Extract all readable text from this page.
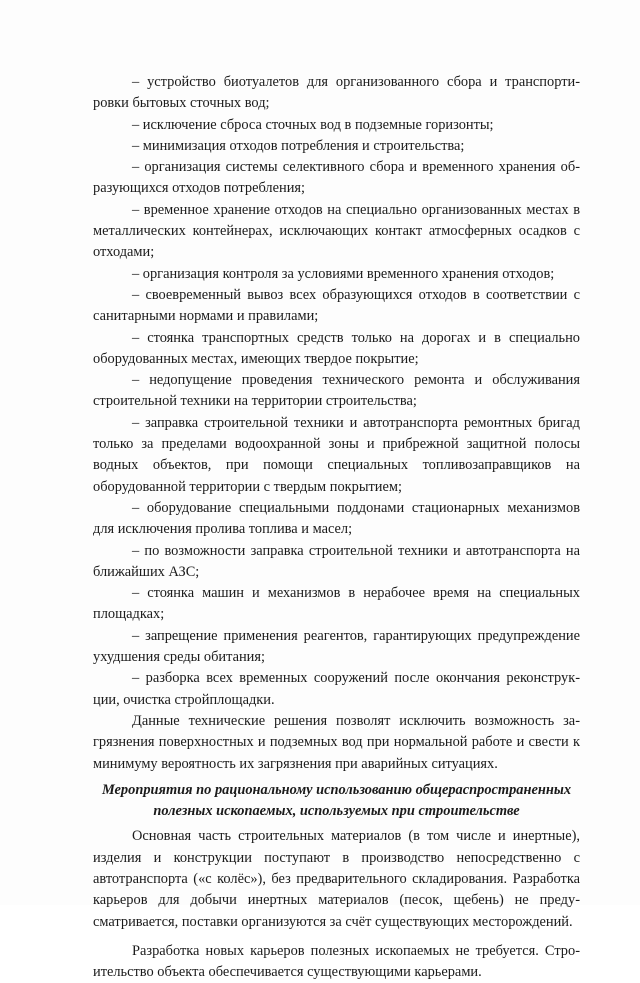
– устройство биотуалетов для организованного сбора и транспортировки бытовых сточных вод;

– исключение сброса сточных вод в подземные горизонты;

– минимизация отходов потребления и строительства;

– организация системы селективного сбора и временного хранения образующихся отходов потребления;

– временное хранение отходов на специально организованных местах в металлических контейнерах, исключающих контакт атмосферных осадков с отходами;

– организация контроля за условиями временного хранения отходов;

– своевременный вывоз всех образующихся отходов в соответствии с санитарными нормами и правилами;

– стоянка транспортных средств только на дорогах и в специально оборудованных местах, имеющих твердое покрытие;

– недопущение проведения технического ремонта и обслуживания строительной техники на территории строительства;

– заправка строительной техники и автотранспорта ремонтных бригад только за пределами водоохранной зоны и прибрежной защитной полосы водных объектов, при помощи специальных топливозаправщиков на оборудованной территории с твердым покрытием;

– оборудование специальными поддонами стационарных механизмов для исключения пролива топлива и масел;

– по возможности заправка строительной техники и автотранспорта на ближайших АЗС;

– стоянка машин и механизмов в нерабочее время на специальных площадках;

– запрещение применения реагентов, гарантирующих предупреждение ухудшения среды обитания;

– разборка всех временных сооружений после окончания реконструкции, очистка стройплощадки.

Данные технические решения позволят исключить возможность загрязнения поверхностных и подземных вод при нормальной работе и свести к минимуму вероятность их загрязнения при аварийных ситуациях.

Мероприятия по рациональному использованию общераспространенных полезных ископаемых, используемых при строительстве

Основная часть строительных материалов (в том числе и инертные), изделия и конструкции поступают в производство непосредственно с автотранспорта («с колёс»), без предварительного складирования. Разработка карьеров для добычи инертных материалов (песок, щебень) не предусматривается, поставки организуются за счёт существующих месторождений.

Разработка новых карьеров полезных ископаемых не требуется. Строительство объекта обеспечивается существующими карьерами.
